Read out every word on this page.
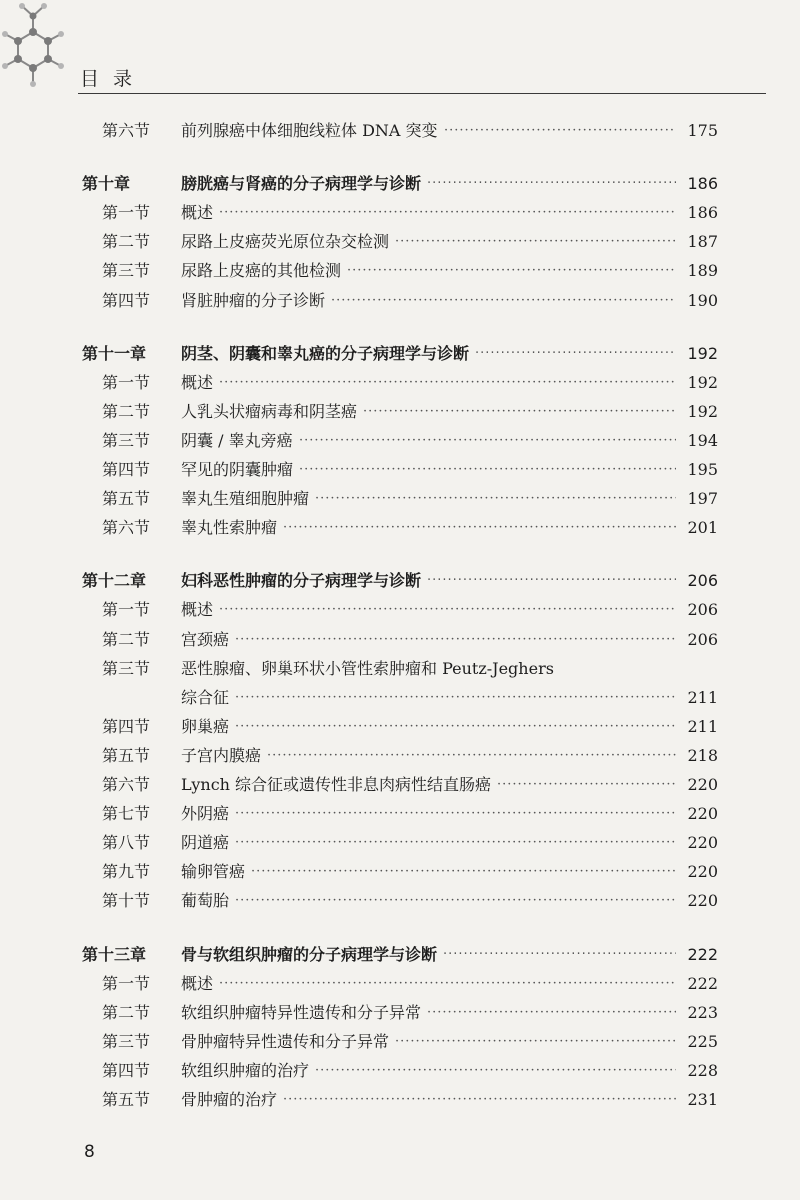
目 录
第六节 前列腺癌中体细胞线粒体 DNA 突变 ·····	175
第十章	膀胱癌与肾癌的分子病理学与诊断 ·····	186
第一节 概述 ·····	186
第二节 尿路上皮癌荧光原位杂交检测 ·····	187
第三节 尿路上皮癌的其他检测 ·····	189
第四节 肾脏肿瘤的分子诊断 ·····	190
第十一章 阴茎、阴囊和睾丸癌的分子病理学与诊断 ·····	192
第一节 概述 ·····	192
第二节 人乳头状瘤病毒和阴茎癌 ·····	192
第三节 阴囊 / 睾丸旁癌 ·····	194
第四节 罕见的阴囊肿瘤 ·····	195
第五节 睾丸生殖细胞肿瘤 ·····	197
第六节 睾丸性索肿瘤 ·····	201
第十二章 妇科恶性肿瘤的分子病理学与诊断 ·····	206
第一节 概述 ·····	206
第二节 宫颈癌 ·····	206
第三节 恶性腺瘤、卵巢环状小管性索肿瘤和 Peutz-Jeghers
综合征 ·····	211
第四节 卵巢癌 ·····	211
第五节 子宫内膜癌 ·····	218
第六节 Lynch 综合征或遗传性非息肉病性结直肠癌 ·····	220
第七节 外阴癌 ·····	220
第八节 阴道癌 ·····	220
第九节 输卵管癌 ·····	220
第十节 葡萄胎 ·····	220
第十三章 骨与软组织肿瘤的分子病理学与诊断 ·····	222
第一节 概述 ·····	222
第二节 软组织肿瘤特异性遗传和分子异常 ·····	223
第三节 骨肿瘤特异性遗传和分子异常 ·····	225
第四节 软组织肿瘤的治疗 ·····	228
第五节 骨肿瘤的治疗 ·····	231
8
